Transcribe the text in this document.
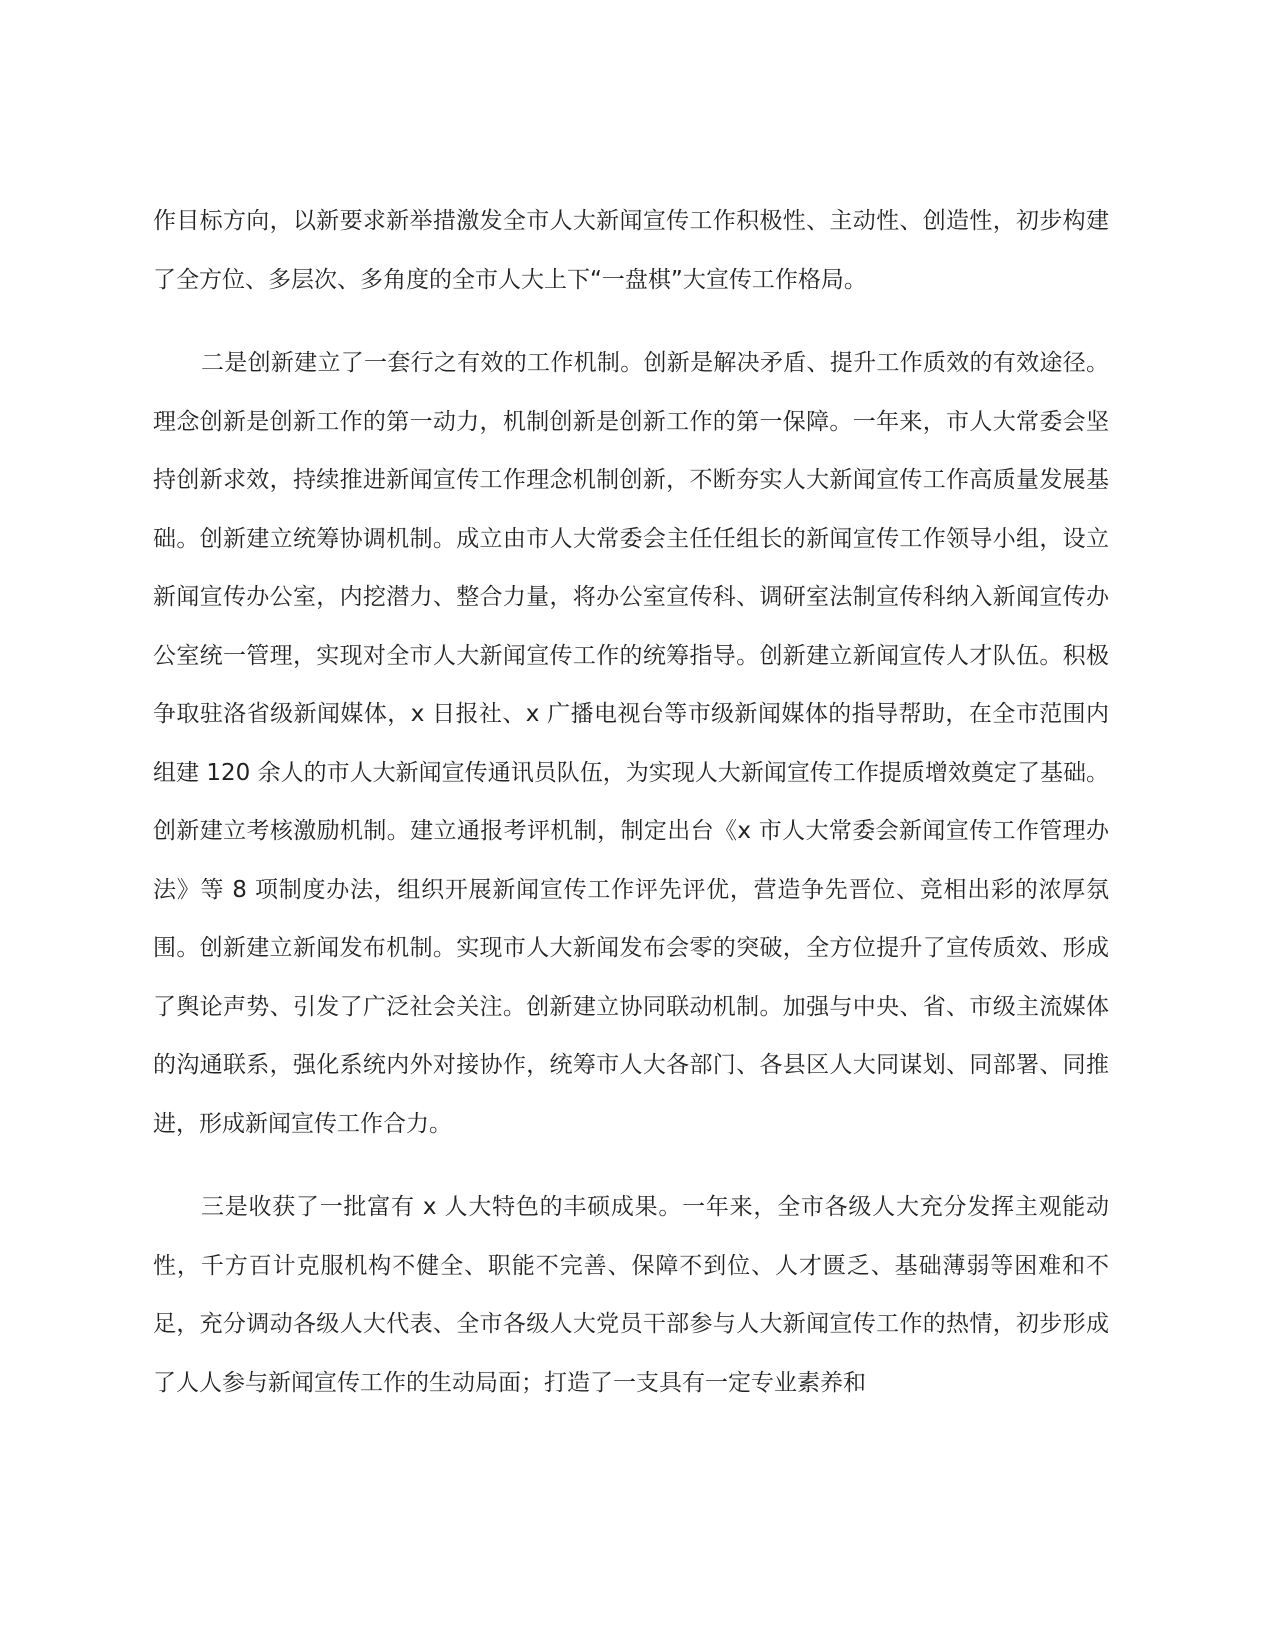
作目标方向，以新要求新举措激发全市人大新闻宣传工作积极性、主动性、创造性，初步构建了全方位、多层次、多角度的全市人大上下“一盘棋”大宣传工作格局。

二是创新建立了一套行之有效的工作机制。创新是解决矛盾、提升工作质效的有效途径。理念创新是创新工作的第一动力，机制创新是创新工作的第一保障。一年来，市人大常委会坚持创新求效，持续推进新闻宣传工作理念机制创新，不断夯实人大新闻宣传工作高质量发展基础。创新建立统筹协调机制。成立由市人大常委会主任任组长的新闻宣传工作领导小组，设立新闻宣传办公室，内挖潜力、整合力量，将办公室宣传科、调研室法制宣传科纳入新闻宣传办公室统一管理，实现对全市人大新闻宣传工作的统筹指导。创新建立新闻宣传人才队伍。积极争取驻洛省级新闻媒体，x 日报社、x 广播电视台等市级新闻媒体的指导帮助，在全市范围内组建 120 余人的市人大新闻宣传通讯员队伍，为实现人大新闻宣传工作提质增效奠定了基础。创新建立考核激励机制。建立通报考评机制，制定出台《x 市人大常委会新闻宣传工作管理办法》等 8 项制度办法，组织开展新闻宣传工作评先评优，营造争先晋位、竞相出彩的浓厚氛围。创新建立新闻发布机制。实现市人大新闻发布会零的突破，全方位提升了宣传质效、形成了舆论声势、引发了广泛社会关注。创新建立协同联动机制。加强与中央、省、市级主流媒体的沟通联系，强化系统内外对接协作，统筹市人大各部门、各县区人大同谋划、同部署、同推进，形成新闻宣传工作合力。

三是收获了一批富有 x 人大特色的丰硕成果。一年来，全市各级人大充分发挥主观能动性，千方百计克服机构不健全、职能不完善、保障不到位、人才匮乏、基础薄弱等困难和不足，充分调动各级人大代表、全市各级人大党员干部参与人大新闻宣传工作的热情，初步形成了人人参与新闻宣传工作的生动局面；打造了一支具有一定专业素养和
